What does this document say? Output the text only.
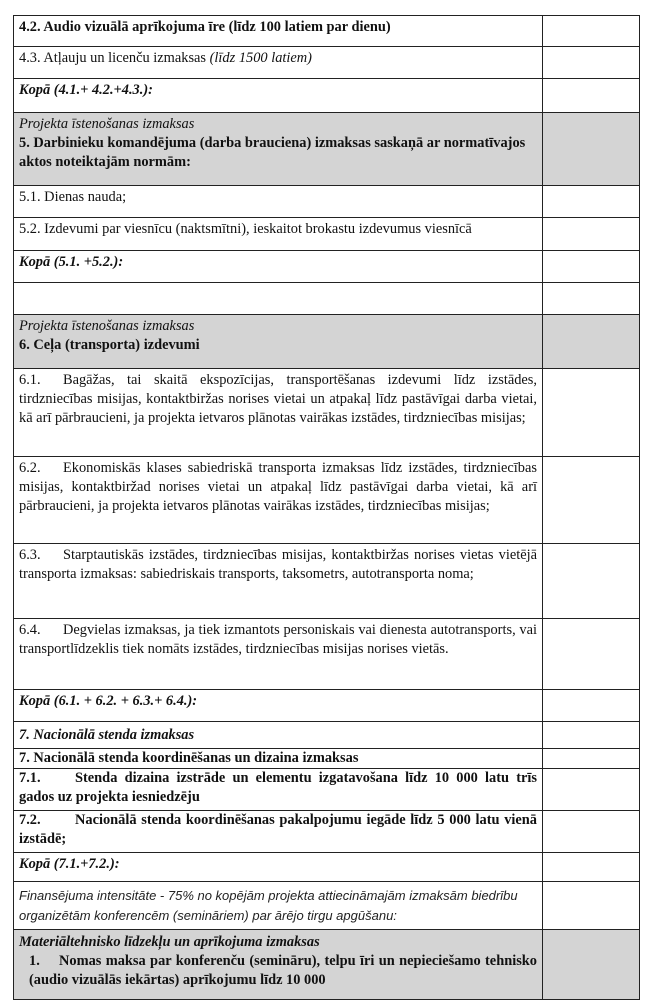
4.2. Audio vizuālā aprīkojuma īre (līdz 100 latiem par dienu)	
4.3. Atļauju un licenču izmaksas (līdz 1500 latiem)	
Kopā (4.1.+ 4.2.+4.3.):	

Projekta īstenošanas izmaksas
5. Darbinieku komandējuma (darba brauciena) izmaksas saskaņā ar normatīvajos aktos noteiktajām normām:	

5.1. Dienas nauda;	
5.2. Izdevumi par viesnīcu (naktsmītni), ieskaitot brokastu izdevumus viesnīcā	
Kopā (5.1. +5.2.):	

Projekta īstenošanas izmaksas
6. Ceļa (transporta) izdevumi	

6.1. Bagāžas, tai skaitā ekspozīcijas, transportēšanas izdevumi līdz izstādes, tirdzniecības misijas, kontaktbiržas norises vietai un atpakaļ līdz pastāvīgai darba vietai, kā arī pārbraucieni, ja projekta ietvaros plānotas vairākas izstādes, tirdzniecības misijas;	
6.2. Ekonomiskās klases sabiedriskā transporta izmaksas līdz izstādes, tirdzniecības misijas, kontaktbiržad norises vietai un atpakaļ līdz pastāvīgai darba vietai, kā arī pārbraucieni, ja projekta ietvaros plānotas vairākas izstādes, tirdzniecības misijas;	
6.3. Starptautiskās izstādes, tirdzniecības misijas, kontaktbiržas norises vietas vietējā transporta izmaksas: sabiedriskais transports, taksometrs, autotransporta noma;	
6.4. Degvielas izmaksas, ja tiek izmantots personiskais vai dienesta autotransports, vai transportlīdzeklis tiek nomāts izstādes, tirdzniecības misijas norises vietās.	
Kopā (6.1. + 6.2. + 6.3.+ 6.4.):	
7. Nacionālā stenda izmaksas	
7. Nacionālā stenda koordinēšanas un dizaina izmaksas	
7.1. Stenda dizaina izstrāde un elementu izgatavošana līdz 10 000 latu trīs gados uz projekta iesniedzēju	
7.2. Nacionālā stenda koordinēšanas pakalpojumu iegāde līdz 5 000 latu vienā izstādē;	
Kopā (7.1.+7.2.):	
Finansējuma intensitāte - 75% no kopējām projekta attiecināmajām izmaksām biedrību organizētām konferencēm (semināriem) par ārējo tirgu apgūšanu:	

Materiāltehnisko līdzekļu un aprīkojuma izmaksas
1. Nomas maksa par konferenču (semināru), telpu īri un nepieciešamo tehnisko (audio vizuālās iekārtas) aprīkojumu līdz 10 000	
